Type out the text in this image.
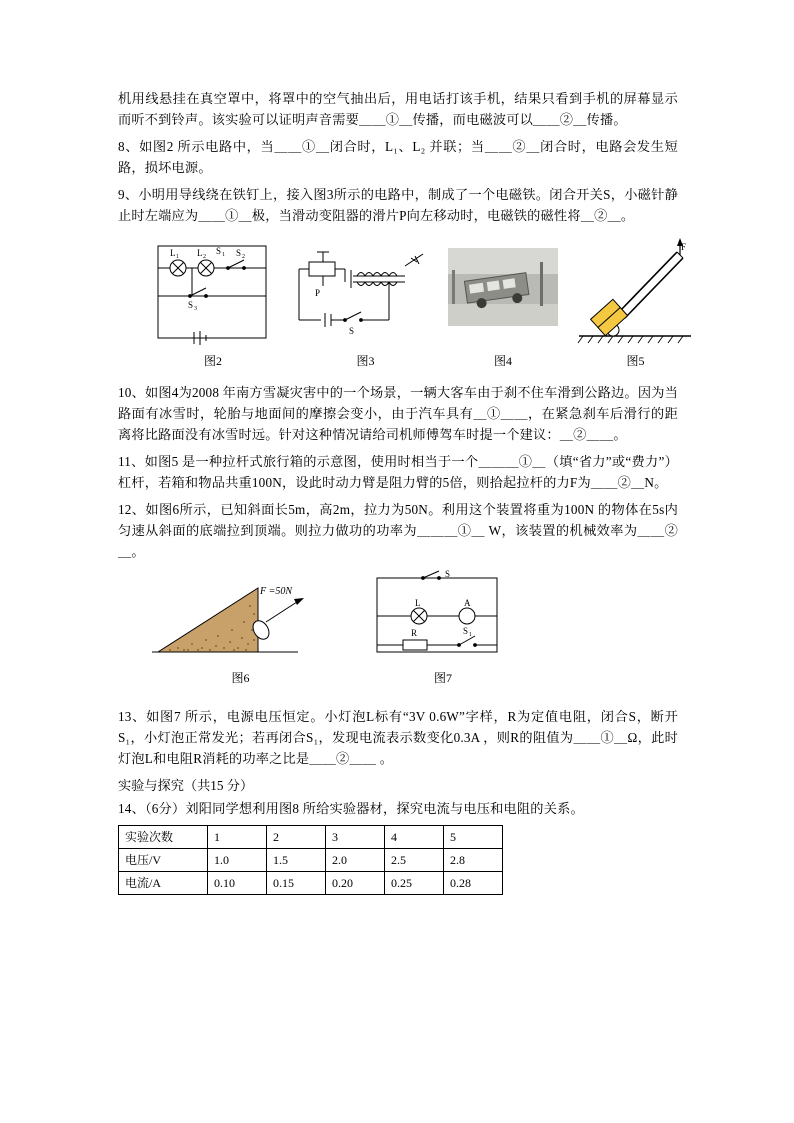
机用线悬挂在真空罩中，将罩中的空气抽出后，用电话打该手机，结果只看到手机的屏幕显示而听不到铃声。该实验可以证明声音需要＿＿①＿传播，而电磁波可以＿＿②＿传播。

8、如图2 所示电路中，当＿＿①＿闭合时，L₁、L₂ 并联；当＿＿②＿闭合时，电路会发生短路，损坏电源。

9、小明用导线绕在铁钉上，接入图3所示的电路中，制成了一个电磁铁。闭合开关S，小磁针静止时左端应为＿＿①＿极，当滑动变阻器的滑片P向左移动时，电磁铁的磁性将＿②＿。

L 1 L 2
S 1 S 2
S 3
图2
P
S
图3	图4
F
图5

10、如图4为2008 年南方雪凝灾害中的一个场景，一辆大客车由于刹不住车滑到公路边。因为当路面有冰雪时，轮胎与地面间的摩擦会变小，由于汽车具有＿①＿＿，在紧急刹车后滑行的距离将比路面没有冰雪时远。针对这种情况请给司机师傅驾车时提一个建议：＿②＿＿。

11、如图5 是一种拉杆式旅行箱的示意图，使用时相当于一个＿＿＿①＿（填“省力”或“费力”）杠杆，若箱和物品共重100N，设此时动力臂是阻力臂的5倍，则拾起拉杆的力F为＿＿②＿N。

12、如图6所示，已知斜面长5m，高2m，拉力为50N。利用这个装置将重为100N 的物体在5s内匀速从斜面的底端拉到顶端。则拉力做功的功率为＿＿＿①＿ W，该装置的机械效率为＿＿②＿。

F =50N
图6
L	A
R	S 1
S
图7

13、如图7 所示，电源电压恒定。小灯泡L标有“3V 0.6W”字样，R为定值电阻，闭合S，断开S₁，小灯泡正常发光；若再闭合S₁，发现电流表示数变化0.3A ，则R的阻值为＿＿①＿Ω，此时灯泡L和电阻R消耗的功率之比是＿＿②＿＿ 。

实验与探究（共15 分）

14、（6分）刘阳同学想利用图8 所给实验器材，探究电流与电压和电阻的关系。

实验次数	1	2	3	4	5
电压/V	1.0	1.5	2.0	2.5	2.8
电流/A	0.10	0.15	0.20	0.25	0.28
